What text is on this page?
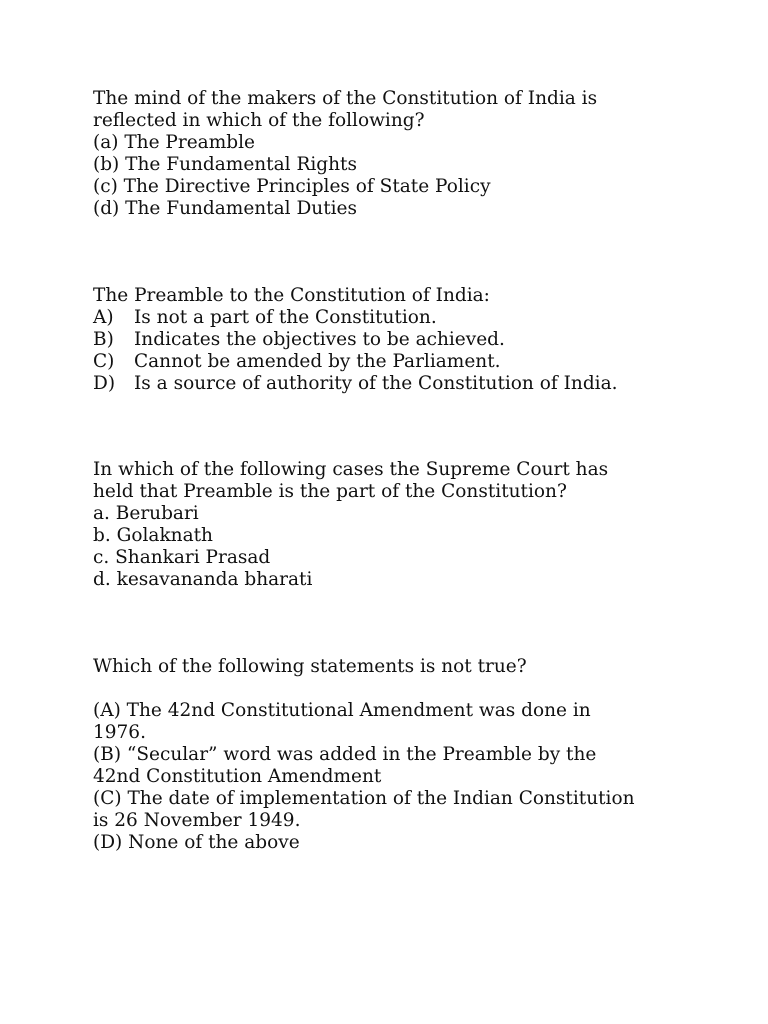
The mind of the makers of the Constitution of India is
reflected in which of the following?
(a) The Preamble
(b) The Fundamental Rights
(c) The Directive Principles of State Policy
(d) The Fundamental Duties
The Preamble to the Constitution of India:
A) Is not a part of the Constitution.
B) Indicates the objectives to be achieved.
C) Cannot be amended by the Parliament.
D) Is a source of authority of the Constitution of India.
In which of the following cases the Supreme Court has
held that Preamble is the part of the Constitution?
a. Berubari
b. Golaknath
c. Shankari Prasad
d. kesavananda bharati
Which of the following statements is not true?
(A) The 42nd Constitutional Amendment was done in
1976.
(B) “Secular” word was added in the Preamble by the
42nd Constitution Amendment
(C) The date of implementation of the Indian Constitution
is 26 November 1949.
(D) None of the above
